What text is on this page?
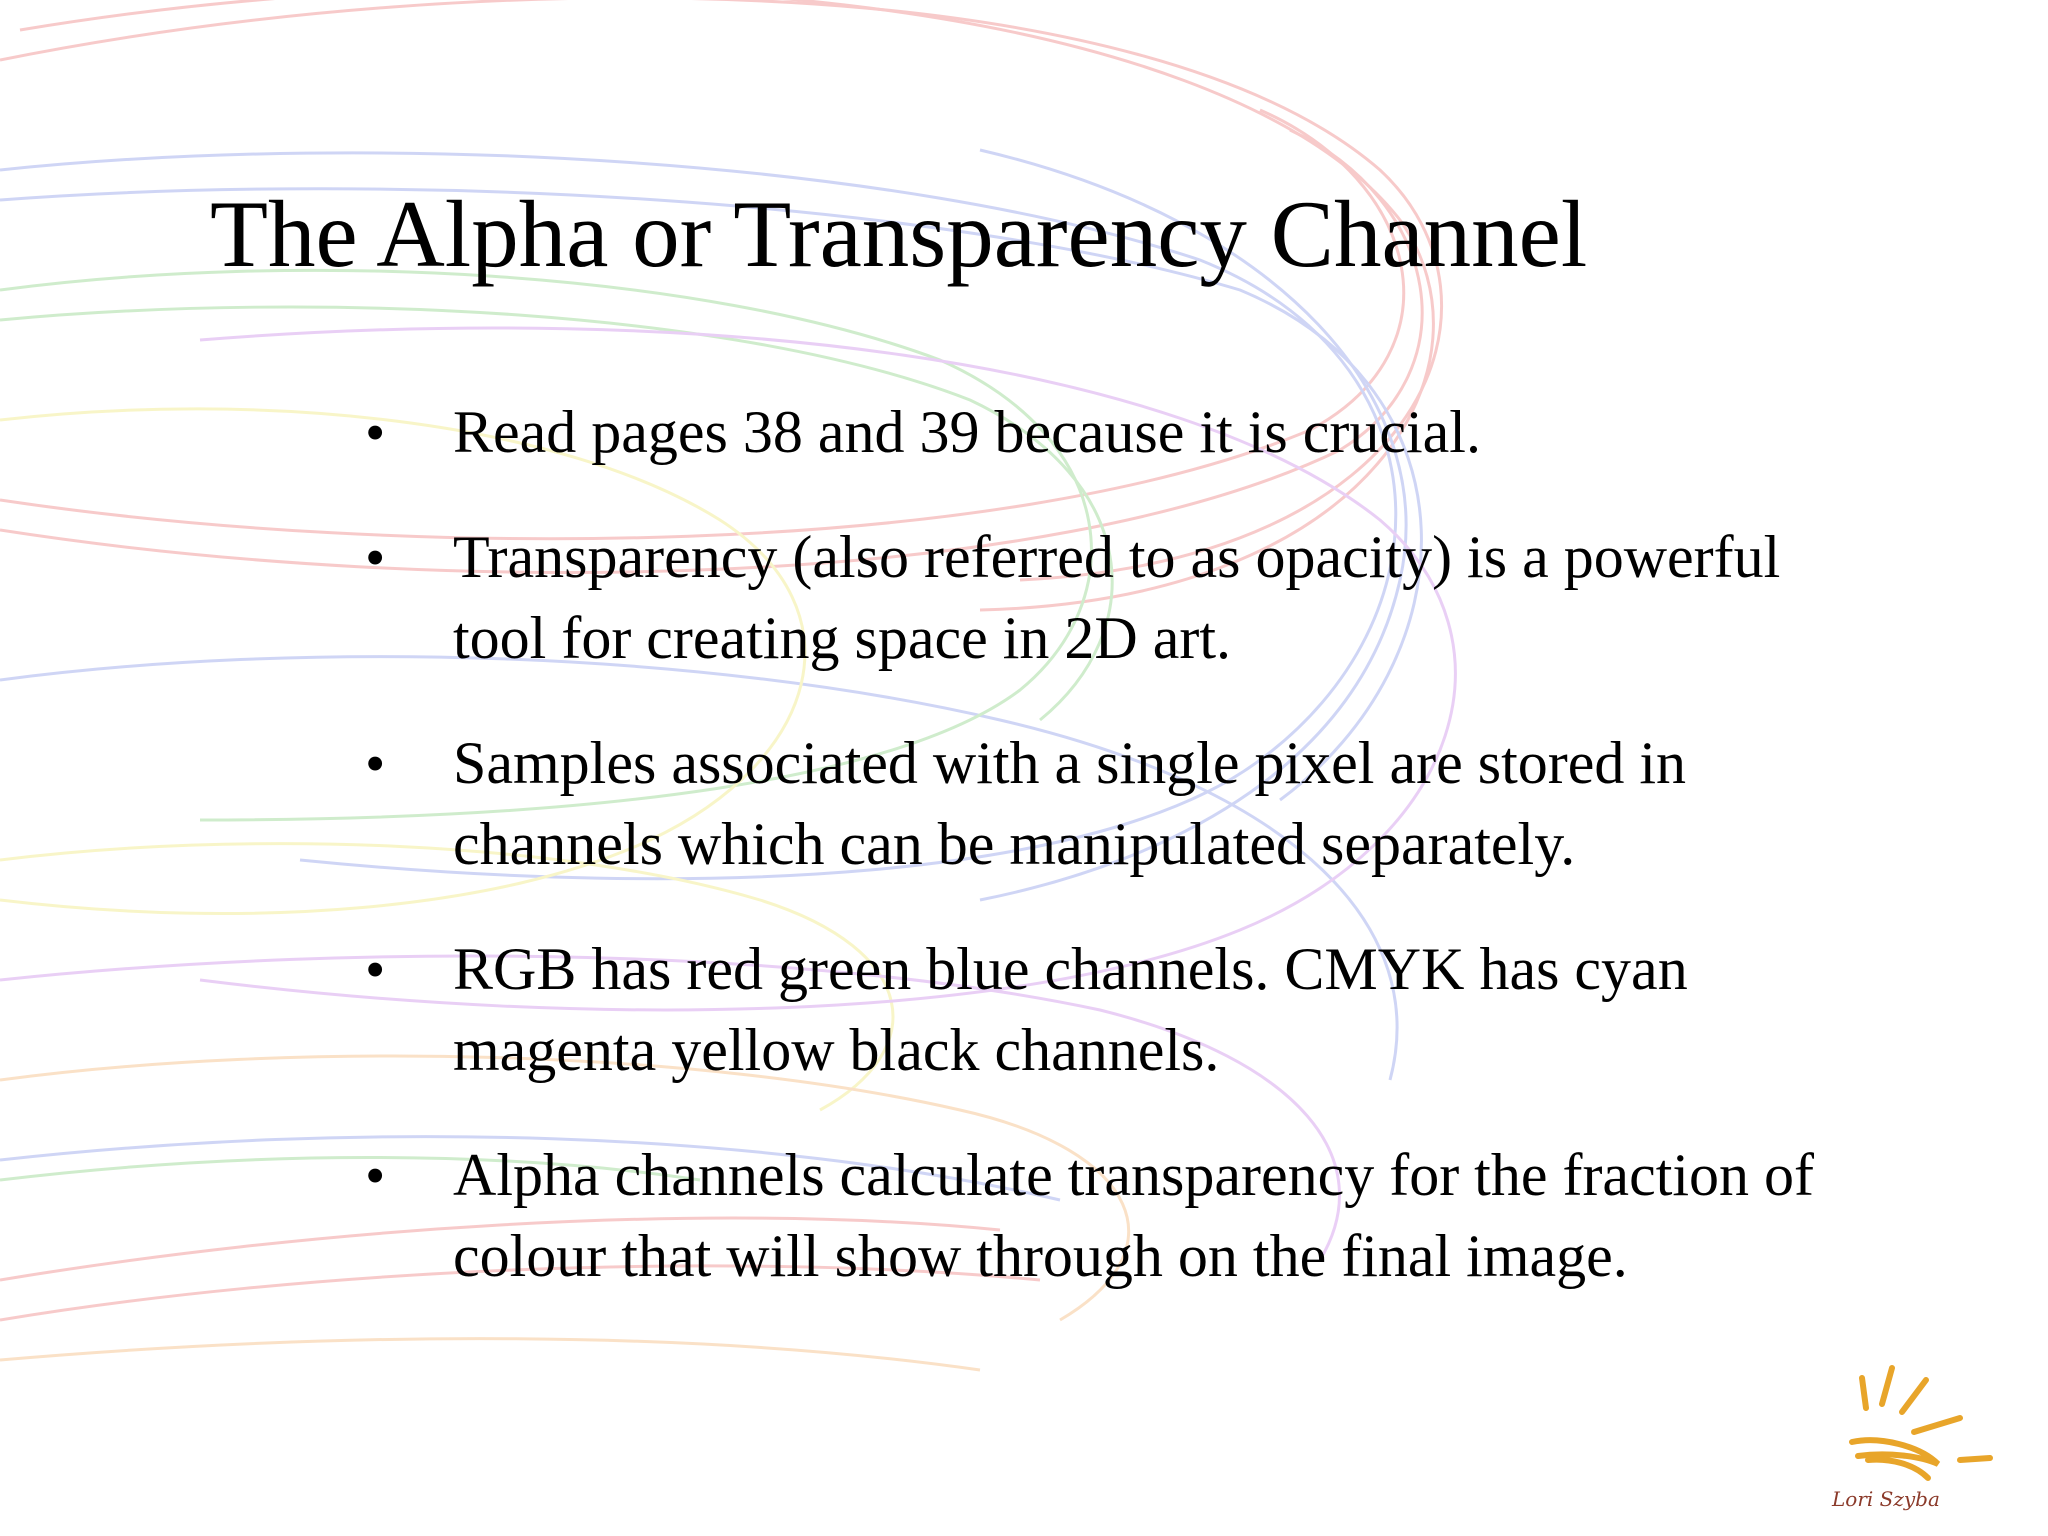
The Alpha or Transparency Channel
•	Read pages 38 and 39 because it is crucial.
•	Transparency (also referred to as opacity) is a powerful tool for creating space in 2D art.
•	Samples associated with a single pixel are stored in channels which can be manipulated separately.
•	RGB has red green blue channels. CMYK has cyan magenta yellow black channels.
•	Alpha channels calculate transparency for the fraction of colour that will show through on the final image.
Lori Szyba
